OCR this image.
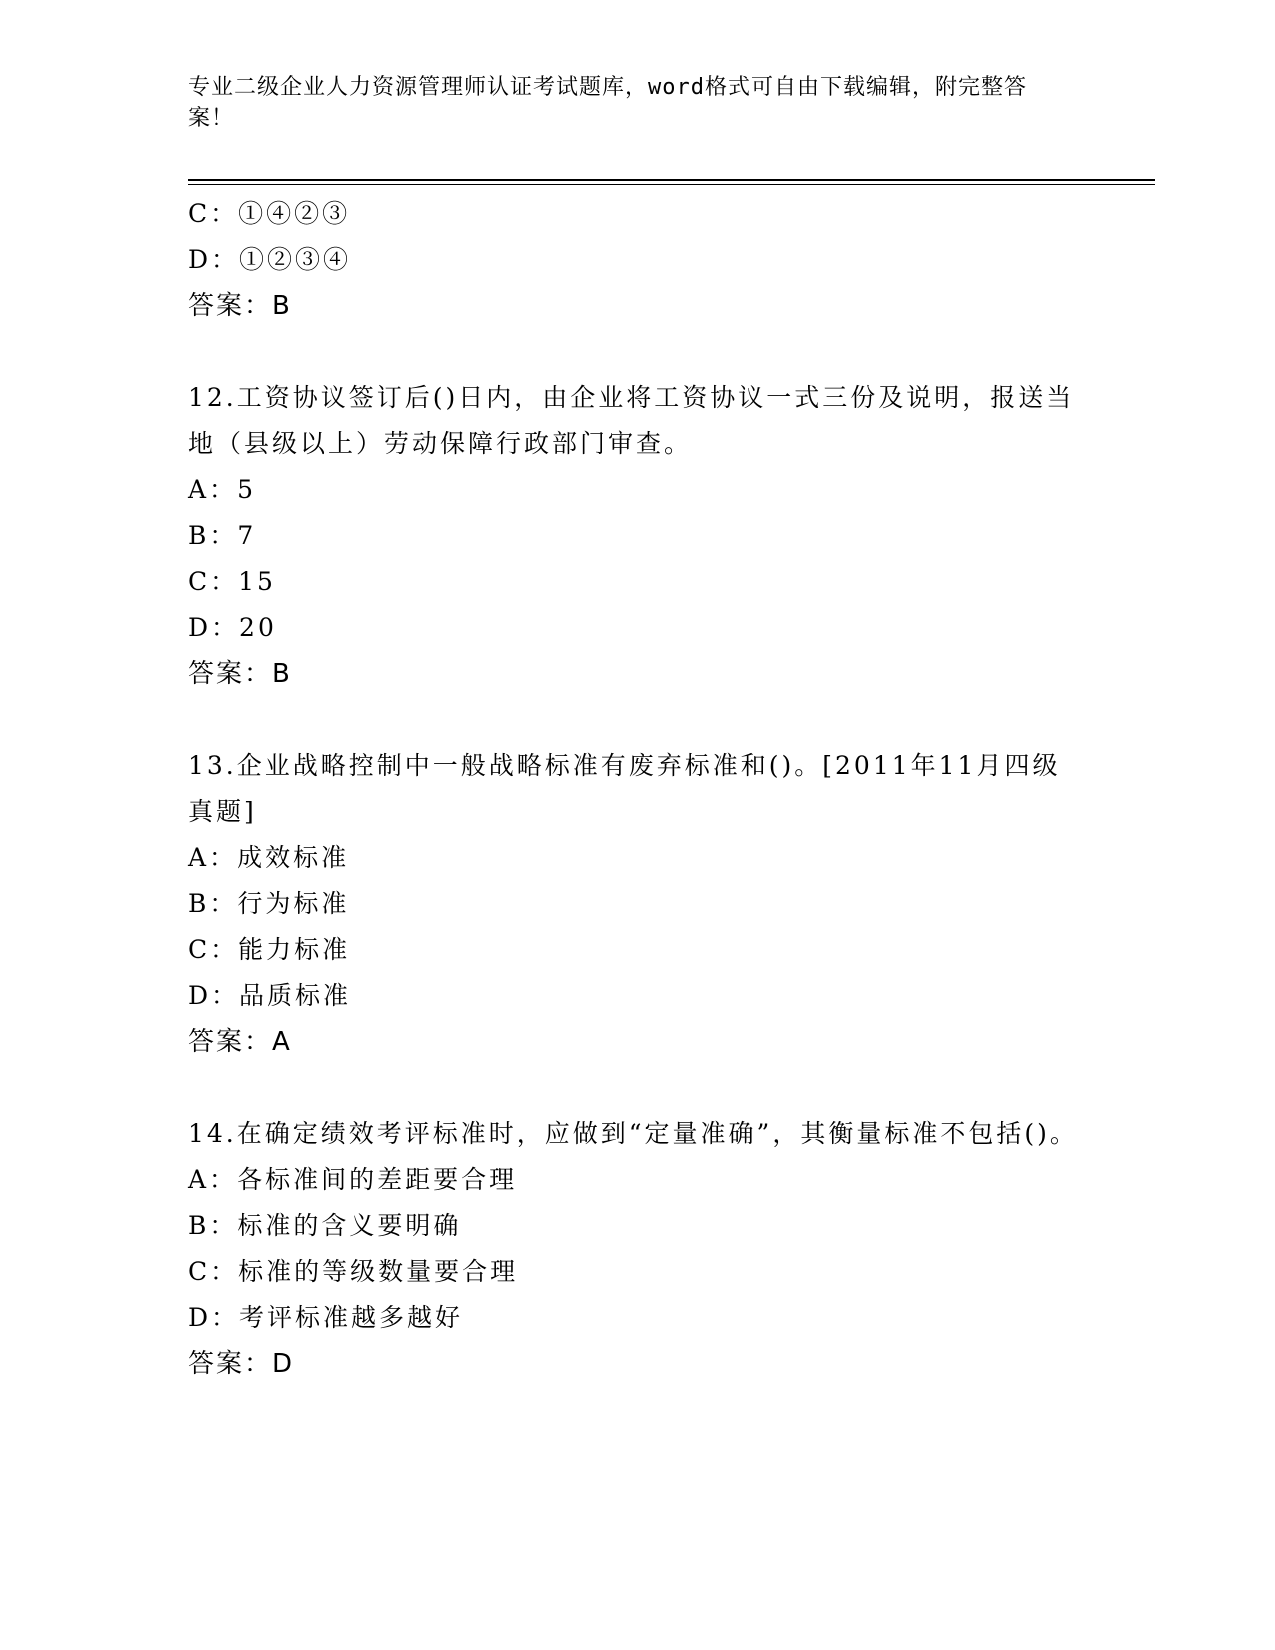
专业二级企业人力资源管理师认证考试题库，word格式可自由下载编辑，附完整答案！
C：①④②③
D：①②③④
答案：B
12.工资协议签订后()日内，由企业将工资协议一式三份及说明，报送当地（县级以上）劳动保障行政部门审查。
A：5
B：7
C：15
D：20
答案：B
13.企业战略控制中一般战略标准有废弃标准和()。[2011年11月四级真题]
A：成效标准
B：行为标准
C：能力标准
D：品质标准
答案：A
14.在确定绩效考评标准时，应做到“定量准确”，其衡量标准不包括()。
A：各标准间的差距要合理
B：标准的含义要明确
C：标准的等级数量要合理
D：考评标准越多越好
答案：D
